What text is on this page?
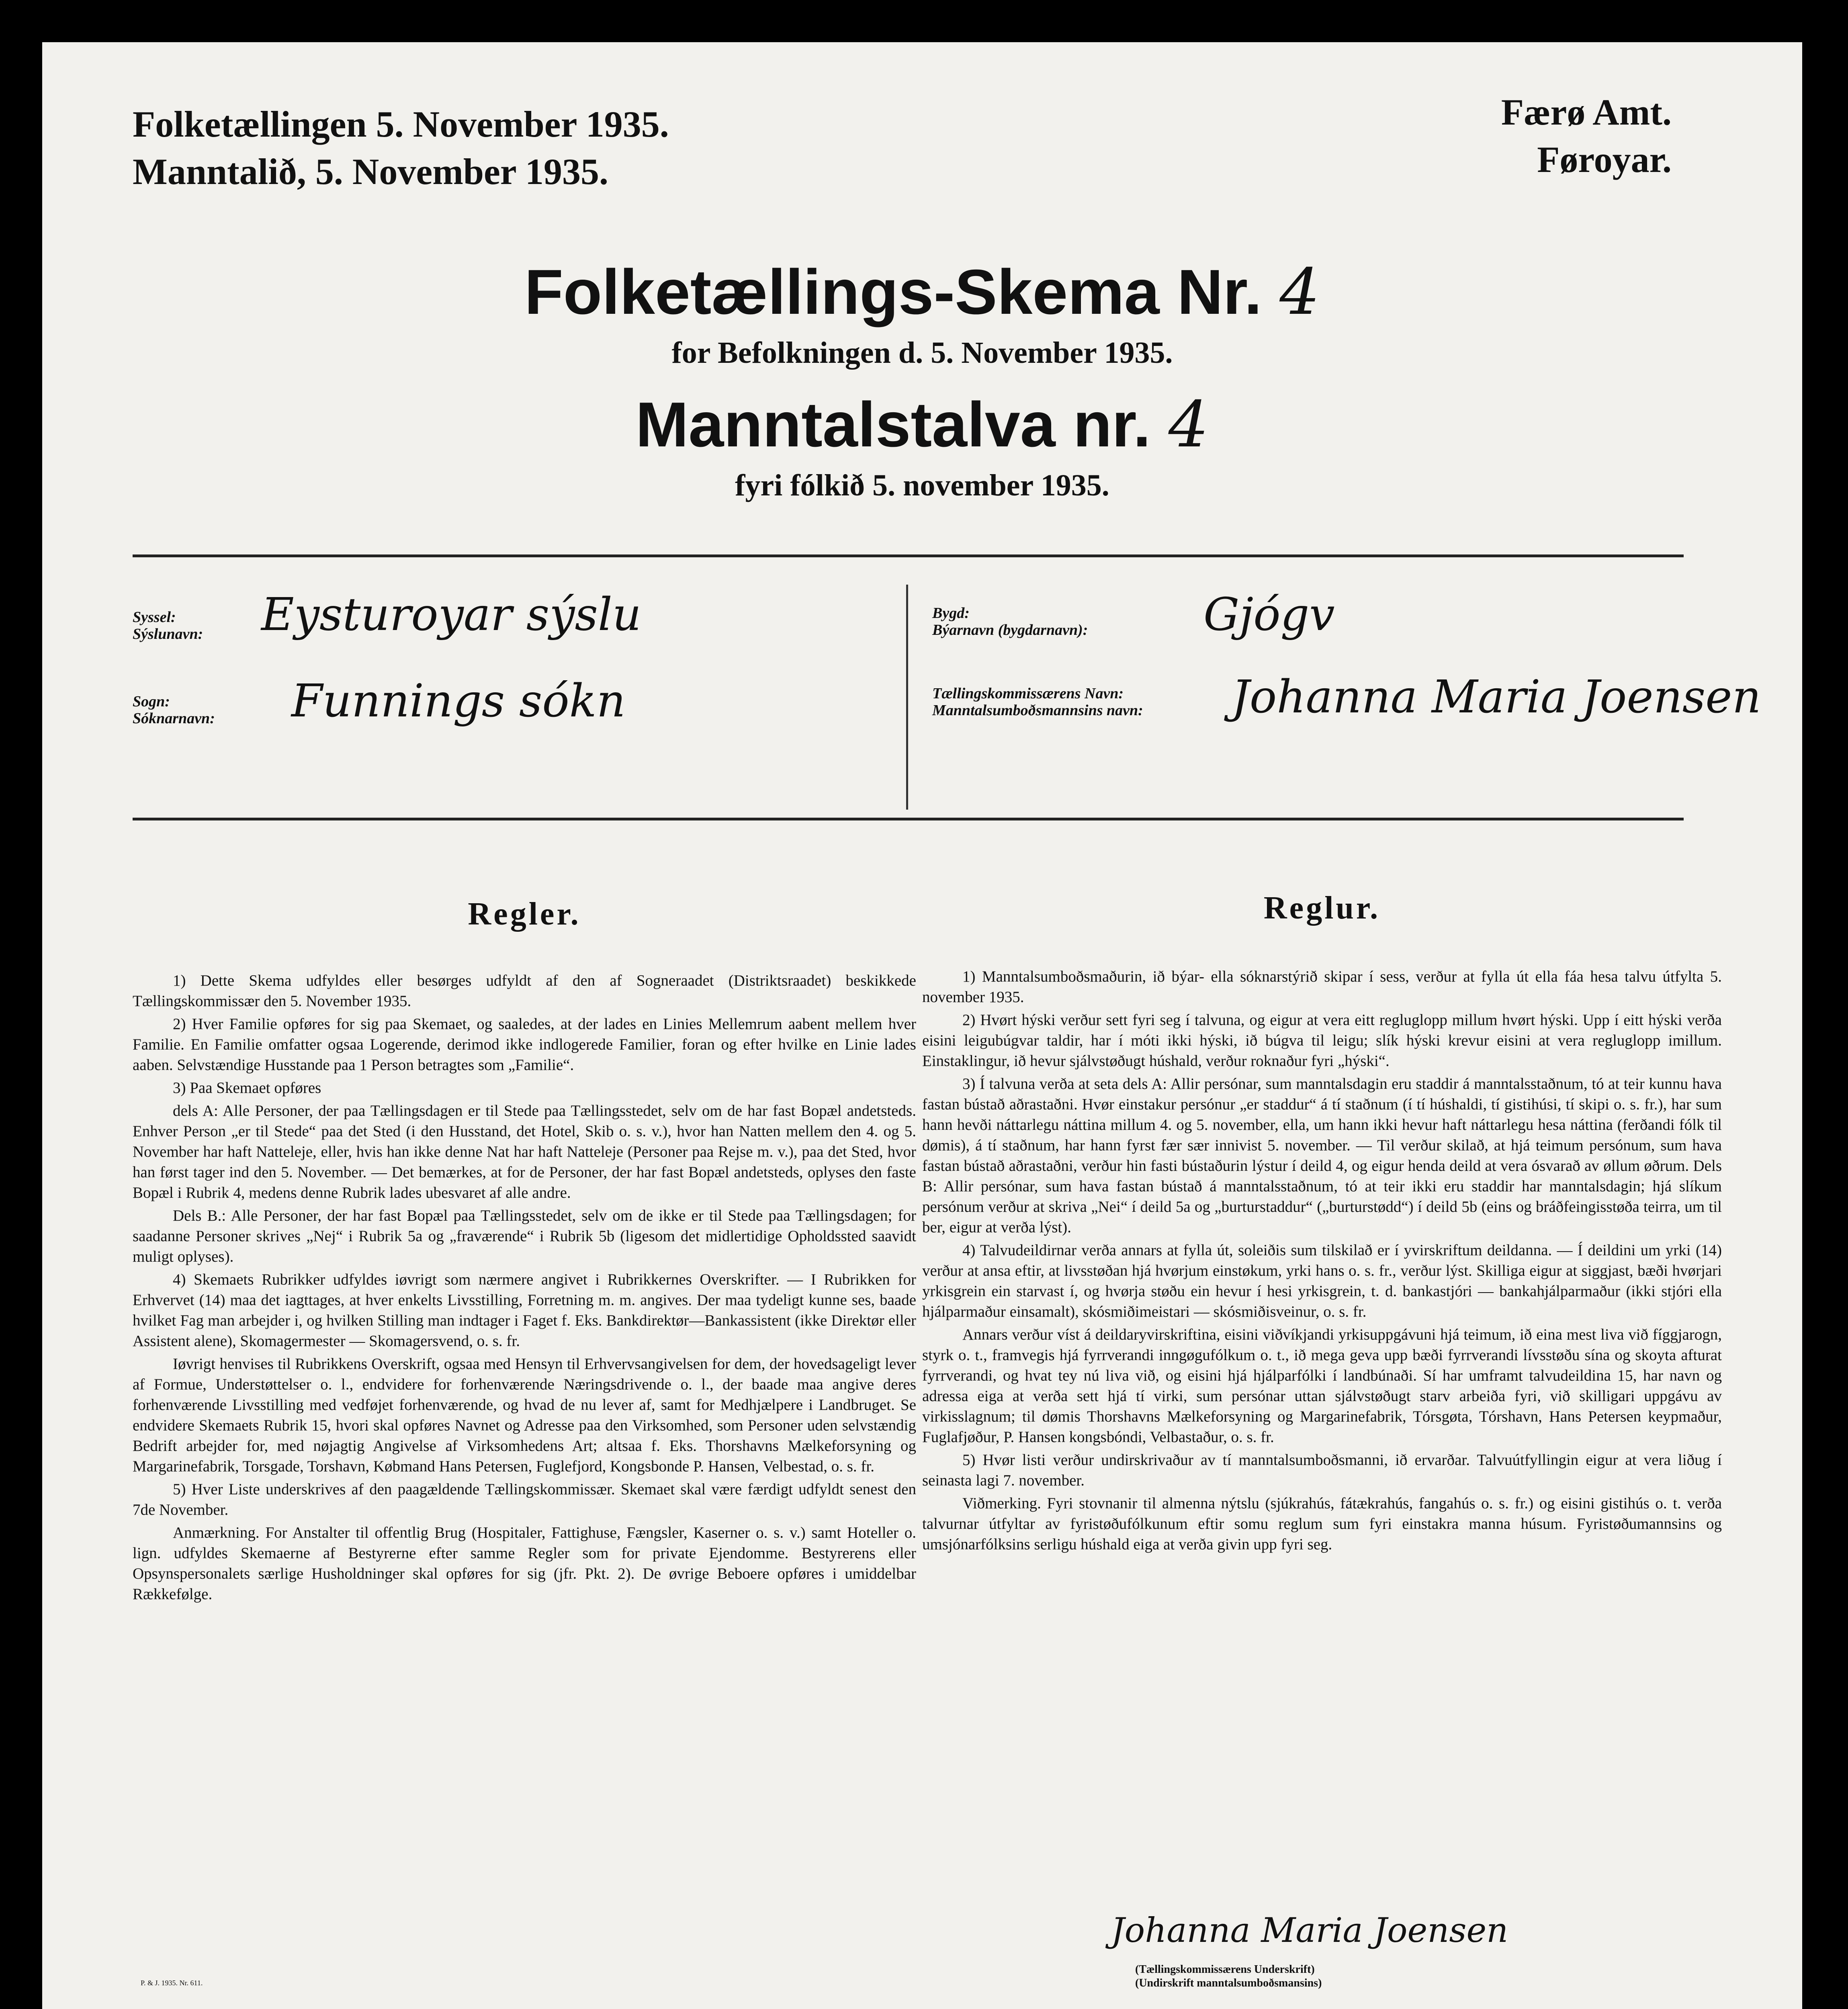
Folketællingen 5. November 1935.
Manntalið, 5. November 1935.
Færø Amt.
Føroyar.
Folketællings-Skema Nr. 4
for Befolkningen d. 5. November 1935.
Manntalstalva nr. 4
fyri fólkið 5. november 1935.
Syssel:
Sýslunavn: Eysturoyar sýslu
Sogn:
Sóknarnavn: Funnings sókn
Bygd:
Býarnavn (bygdarnavn):	Gjógv
Tællingskommissærens Navn:
Manntalsumboðsmannsins navn: Johanna Maria Joensen
Regler.

1) Dette Skema udfyldes eller besørges udfyldt af den af Sogneraadet (Distriktsraadet) beskikkede Tællingskommissær den 5. November 1935.

2) Hver Familie opføres for sig paa Skemaet, og saaledes, at der lades en Linies Mellemrum aabent mellem hver Familie. En Familie omfatter ogsaa Logerende, derimod ikke indlogerede Familier, foran og efter hvilke en Linie lades aaben. Selvstændige Husstande paa 1 Person betragtes som „Familie“.

3) Paa Skemaet opføres

dels A: Alle Personer, der paa Tællingsdagen er til Stede paa Tællingsstedet, selv om de har fast Bopæl andetsteds. Enhver Person „er til Stede“ paa det Sted (i den Husstand, det Hotel, Skib o. s. v.), hvor han Natten mellem den 4. og 5. November har haft Natteleje, eller, hvis han ikke denne Nat har haft Natteleje (Personer paa Rejse m. v.), paa det Sted, hvor han først tager ind den 5. November. — Det bemærkes, at for de Personer, der har fast Bopæl andetsteds, oplyses den faste Bopæl i Rubrik 4, medens denne Rubrik lades ubesvaret af alle andre.

Dels B.: Alle Personer, der har fast Bopæl paa Tællingsstedet, selv om de ikke er til Stede paa Tællingsdagen; for saadanne Personer skrives „Nej“ i Rubrik 5a og „fraværende“ i Rubrik 5b (ligesom det midlertidige Opholdssted saavidt muligt oplyses).

4) Skemaets Rubrikker udfyldes iøvrigt som nærmere angivet i Rubrikkernes Overskrifter. — I Rubrikken for Erhvervet (14) maa det iagttages, at hver enkelts Livsstilling, Forretning m. m. angives. Der maa tydeligt kunne ses, baade hvilket Fag man arbejder i, og hvilken Stilling man indtager i Faget f. Eks. Bankdirektør—Bankassistent (ikke Direktør eller Assistent alene), Skomagermester — Skomagersvend, o. s. fr.

Iøvrigt henvises til Rubrikkens Overskrift, ogsaa med Hensyn til Erhvervsangivelsen for dem, der hovedsageligt lever af Formue, Understøttelser o. l., endvidere for forhenværende Næringsdrivende o. l., der baade maa angive deres forhenværende Livsstilling med vedføjet forhenværende, og hvad de nu lever af, samt for Medhjælpere i Landbruget. Se endvidere Skemaets Rubrik 15, hvori skal opføres Navnet og Adresse paa den Virksomhed, som Personer uden selvstændig Bedrift arbejder for, med nøjagtig Angivelse af Virksomhedens Art; altsaa f. Eks. Thorshavns Mælkeforsyning og Margarinefabrik, Torsgade, Torshavn, Købmand Hans Petersen, Fuglefjord, Kongsbonde P. Hansen, Velbestad, o. s. fr.

5) Hver Liste underskrives af den paagældende Tællingskommissær. Skemaet skal være færdigt udfyldt senest den 7de November.

Anmærkning. For Anstalter til offentlig Brug (Hospitaler, Fattighuse, Fængsler, Kaserner o. s. v.) samt Hoteller o. lign. udfyldes Skemaerne af Bestyrerne efter samme Regler som for private Ejendomme. Bestyrerens eller Opsynspersonalets særlige Husholdninger skal opføres for sig (jfr. Pkt. 2). De øvrige Beboere opføres i umiddelbar Rækkefølge.

Reglur.

1) Manntalsumboðsmaðurin, ið býar- ella sóknarstýrið skipar í sess, verður at fylla út ella fáa hesa talvu útfylta 5. november 1935.

2) Hvørt hýski verður sett fyri seg í talvuna, og eigur at vera eitt regluglopp millum hvørt hýski. Upp í eitt hýski verða eisini leigubúgvar taldir, har í móti ikki hýski, ið búgva til leigu; slík hýski krevur eisini at vera regluglopp imillum. Einstaklingur, ið hevur sjálvstøðugt húshald, verður roknaður fyri „hýski“.

3) Í talvuna verða at seta dels A: Allir persónar, sum manntalsdagin eru staddir á manntalsstaðnum, tó at teir kunnu hava fastan bústað aðrastaðni. Hvør einstakur persónur „er staddur“ á tí staðnum (í tí húshaldi, tí gistihúsi, tí skipi o. s. fr.), har sum hann hevði náttarlegu náttina millum 4. og 5. november, ella, um hann ikki hevur haft náttarlegu hesa náttina (ferðandi fólk til dømis), á tí staðnum, har hann fyrst fær sær innivist 5. november. — Til verður skilað, at hjá teimum persónum, sum hava fastan bústað aðrastaðni, verður hin fasti bústaðurin lýstur í deild 4, og eigur henda deild at vera ósvarað av øllum øðrum. Dels B: Allir persónar, sum hava fastan bústað á manntalsstaðnum, tó at teir ikki eru staddir har manntalsdagin; hjá slíkum persónum verður at skriva „Nei“ í deild 5a og „burturstaddur“ („burturstødd“) í deild 5b (eins og bráðfeingisstøða teirra, um til ber, eigur at verða lýst).

4) Talvudeildirnar verða annars at fylla út, soleiðis sum tilskilað er í yvirskriftum deildanna. — Í deildini um yrki (14) verður at ansa eftir, at livsstøðan hjá hvørjum einstøkum, yrki hans o. s. fr., verður lýst. Skilliga eigur at siggjast, bæði hvørjari yrkisgrein ein starvast í, og hvørja støðu ein hevur í hesi yrkisgrein, t. d. bankastjóri — bankahjálparmaður (ikki stjóri ella hjálparmaður einsamalt), skósmiðimeistari — skósmiðisveinur, o. s. fr.

Annars verður víst á deildaryvirskriftina, eisini viðvíkjandi yrkisuppgávuni hjá teimum, ið eina mest liva við fíggjarogn, styrk o. t., framvegis hjá fyrrverandi inngøgufólkum o. t., ið mega geva upp bæði fyrrverandi lívsstøðu sína og skoyta afturat fyrrverandi, og hvat tey nú liva við, og eisini hjá hjálparfólki í landbúnaði. Sí har umframt talvudeildina 15, har navn og adressa eiga at verða sett hjá tí virki, sum persónar uttan sjálvstøðugt starv arbeiða fyri, við skilligari uppgávu av virkisslagnum; til dømis Thorshavns Mælkeforsyning og Margarinefabrik, Tórsgøta, Tórshavn, Hans Petersen keypmaður, Fuglafjøður, P. Hansen kongsbóndi, Velbastaður, o. s. fr.

5) Hvør listi verður undirskrivaður av tí manntalsumboðsmanni, ið ervarðar. Talvuútfyllingin eigur at vera liðug í seinasta lagi 7. november.

Viðmerking. Fyri stovnanir til almenna nýtslu (sjúkrahús, fátækrahús, fangahús o. s. fr.) og eisini gistihús o. t. verða talvurnar útfyltar av fyristøðufólkunum eftir somu reglum sum fyri einstakra manna húsum. Fyristøðumannsins og umsjónarfólksins serligu húshald eiga at verða givin upp fyri seg.

Johanna Maria Joensen
(Tællingskommissærens Underskrift)
(Undirskrift manntalsumboðsmansins)
P. & J. 1935. Nr. 611.
